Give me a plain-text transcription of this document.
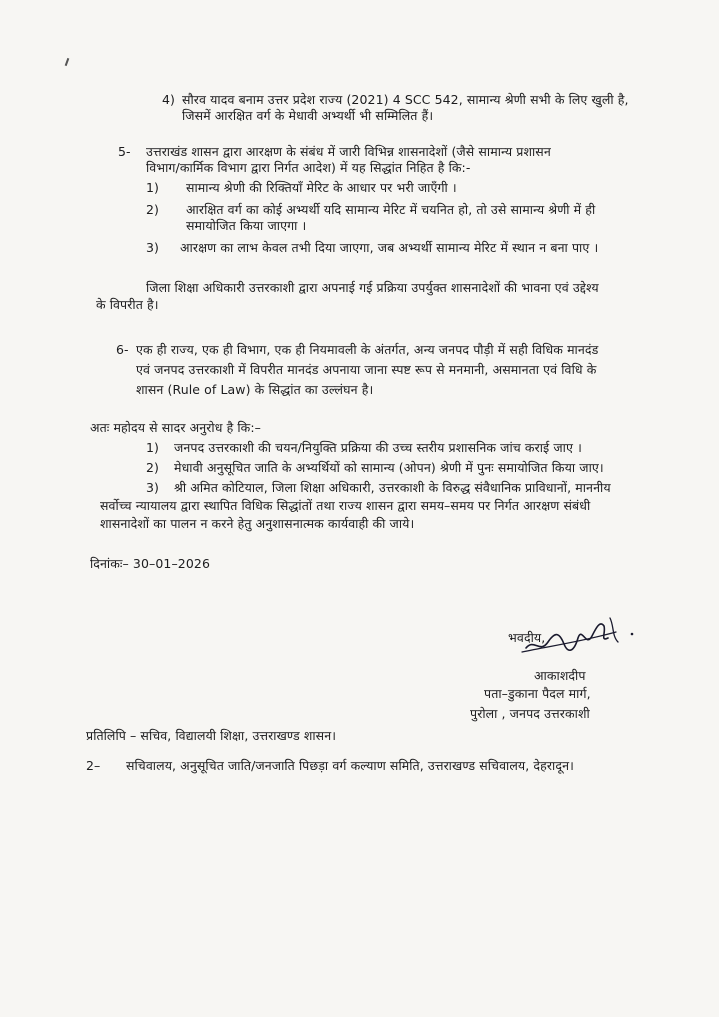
4) सौरव यादव बनाम उत्तर प्रदेश राज्य (2021) 4 SCC 542, सामान्य श्रेणी सभी के लिए खुली है,
जिसमें आरक्षित वर्ग के मेधावी अभ्यर्थी भी सम्मिलित हैं।
5- उत्तराखंड शासन द्वारा आरक्षण के संबंध में जारी विभिन्न शासनादेशों (जैसे सामान्य प्रशासन
विभाग/कार्मिक विभाग द्वारा निर्गत आदेश) में यह सिद्धांत निहित है कि:-
1) सामान्य श्रेणी की रिक्तियाँ मेरिट के आधार पर भरी जाएँगी ।
2) आरक्षित वर्ग का कोई अभ्यर्थी यदि सामान्य मेरिट में चयनित हो, तो उसे सामान्य श्रेणी में ही
समायोजित किया जाएगा ।
3) आरक्षण का लाभ केवल तभी दिया जाएगा, जब अभ्यर्थी सामान्य मेरिट में स्थान न बना पाए ।
जिला शिक्षा अधिकारी उत्तरकाशी द्वारा अपनाई गई प्रक्रिया उपर्युक्त शासनादेशों की भावना एवं उद्देश्य
के विपरीत है।
6- एक ही राज्य, एक ही विभाग, एक ही नियमावली के अंतर्गत, अन्य जनपद पौड़ी में सही विधिक मानदंड
एवं जनपद उत्तरकाशी में विपरीत मानदंड अपनाया जाना स्पष्ट रूप से मनमानी, असमानता एवं विधि के
शासन (Rule of Law) के सिद्धांत का उल्लंघन है।
अतः महोदय से सादर अनुरोध है कि:–
1) जनपद उत्तरकाशी की चयन/नियुक्ति प्रक्रिया की उच्च स्तरीय प्रशासनिक जांच कराई जाए ।
2) मेधावी अनुसूचित जाति के अभ्यर्थियों को सामान्य (ओपन) श्रेणी में पुनः समायोजित किया जाए।
3) श्री अमित कोटियाल, जिला शिक्षा अधिकारी, उत्तरकाशी के विरुद्ध संवैधानिक प्राविधानों, माननीय
सर्वोच्च न्यायालय द्वारा स्थापित विधिक सिद्धांतों तथा राज्य शासन द्वारा समय–समय पर निर्गत आरक्षण संबंधी
शासनादेशों का पालन न करने हेतु अनुशासनात्मक कार्यवाही की जाये।
दिनांकः– 30–01–2026
भवदीय,
आकाशदीप
पता–डुकाना पैदल मार्ग,
पुरोला , जनपद उत्तरकाशी
प्रतिलिपि – सचिव, विद्यालयी शिक्षा, उत्तराखण्ड शासन।
2– सचिवालय, अनुसूचित जाति/जनजाति पिछड़ा वर्ग कल्याण समिति, उत्तराखण्ड सचिवालय, देहरादून।
